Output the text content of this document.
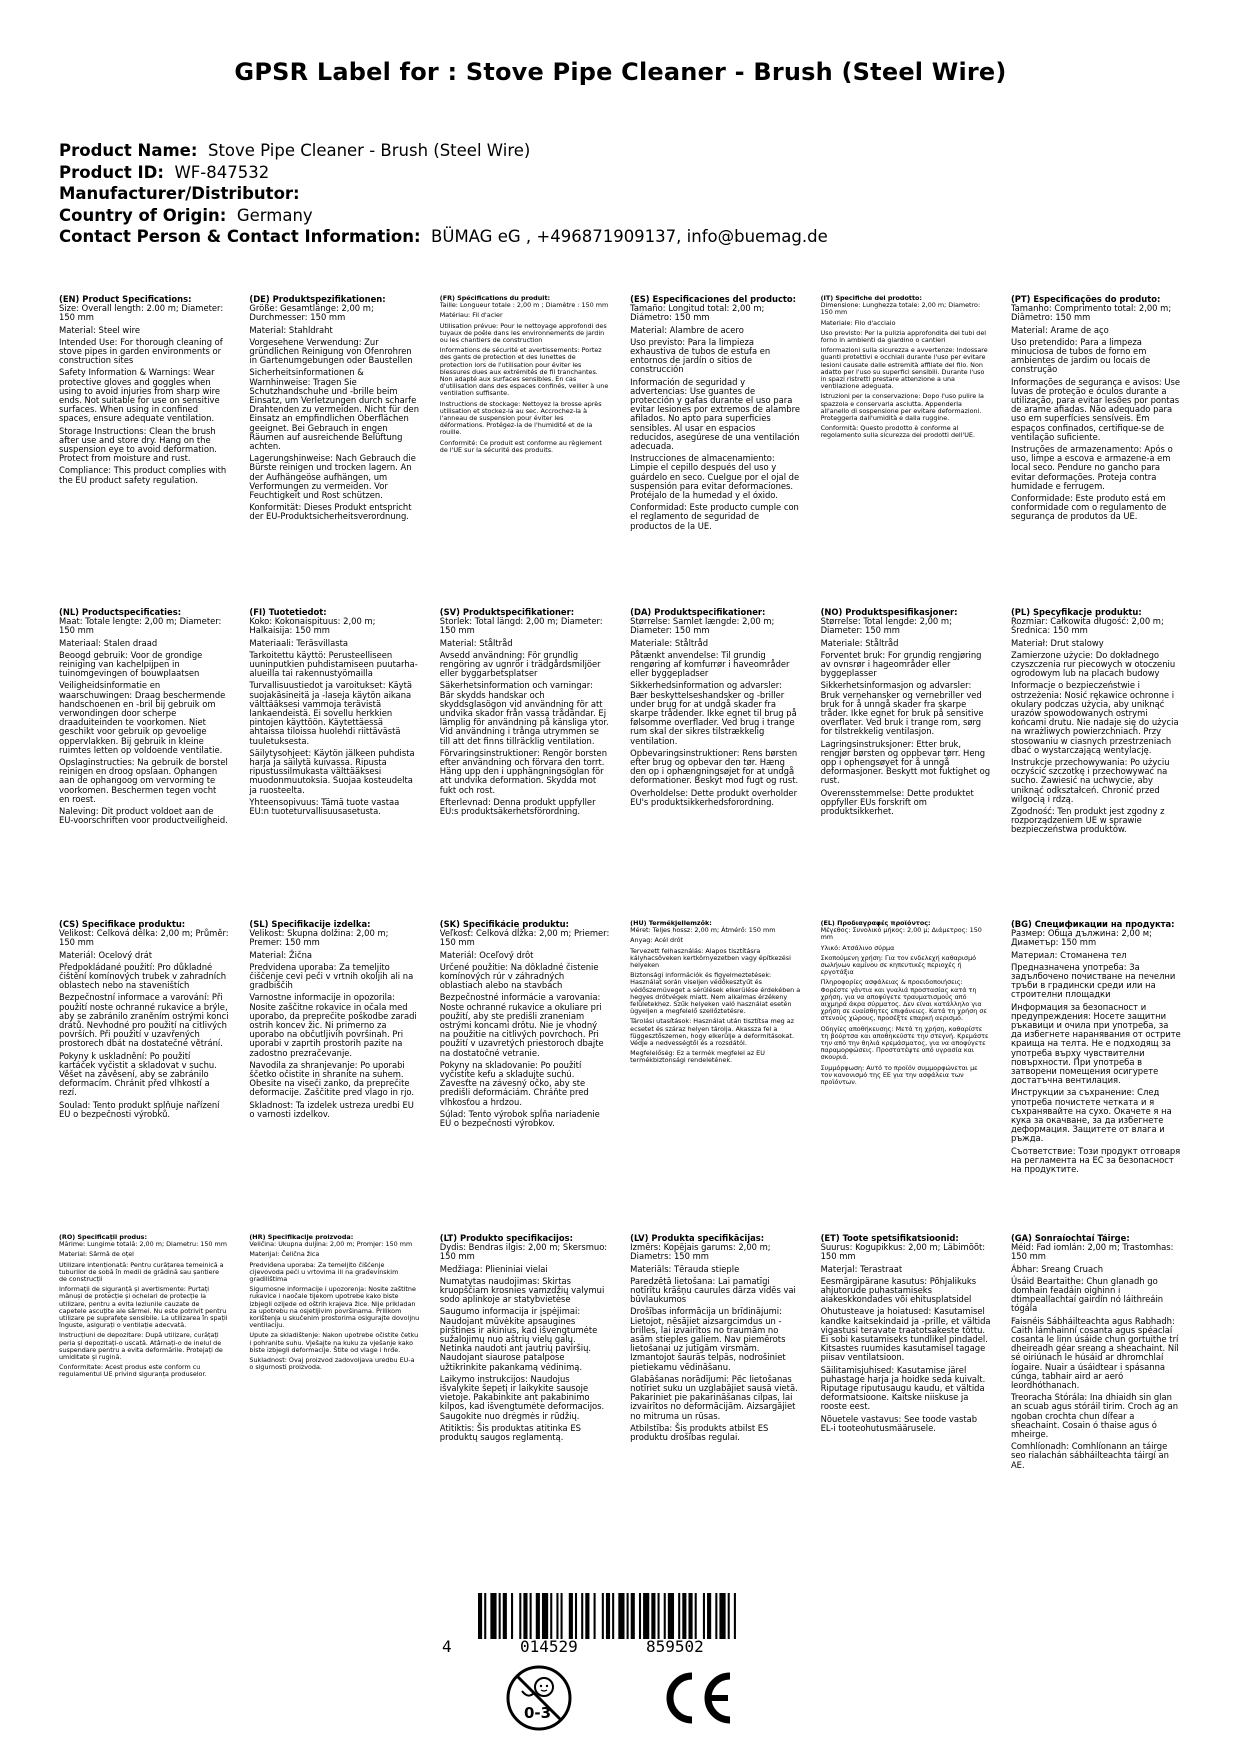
GPSR Label for : Stove Pipe Cleaner - Brush (Steel Wire)
Product Name: Stove Pipe Cleaner - Brush (Steel Wire)
Product ID: WF-847532
Manufacturer/Distributor:
Country of Origin: Germany
Contact Person & Contact Information: BÜMAG eG , +496871909137, info@buemag.de
(EN) Product Specifications:

Size: Overall length: 2.00 m; Diameter: 150 mm

Material: Steel wire

Intended Use: For thorough cleaning of stove pipes in garden environments or construction sites

Safety Information & Warnings: Wear protective gloves and goggles when using to avoid injuries from sharp wire ends. Not suitable for use on sensitive surfaces. When using in confined spaces, ensure adequate ventilation.

Storage Instructions: Clean the brush after use and store dry. Hang on the suspension eye to avoid deformation. Protect from moisture and rust.

Compliance: This product complies with the EU product safety regulation.

(DE) Produktspezifikationen:

Größe: Gesamtlänge: 2,00 m; Durchmesser: 150 mm

Material: Stahldraht

Vorgesehene Verwendung: Zur gründlichen Reinigung von Ofenrohren in Gartenumgebungen oder Baustellen

Sicherheitsinformationen & Warnhinweise: Tragen Sie Schutzhandschuhe und -brille beim Einsatz, um Verletzungen durch scharfe Drahtenden zu vermeiden. Nicht für den Einsatz an empfindlichen Oberflächen geeignet. Bei Gebrauch in engen Räumen auf ausreichende Belüftung achten.

Lagerungshinweise: Nach Gebrauch die Bürste reinigen und trocken lagern. An der Aufhängeöse aufhängen, um Verformungen zu vermeiden. Vor Feuchtigkeit und Rost schützen.

Konformität: Dieses Produkt entspricht der EU-Produktsicherheitsverordnung.

(FR) Spécifications du produit:

Taille: Longueur totale : 2,00 m ; Diamètre : 150 mm

Matériau: Fil d'acier

Utilisation prévue: Pour le nettoyage approfondi des tuyaux de poêle dans les environnements de jardin ou les chantiers de construction

Informations de sécurité et avertissements: Portez des gants de protection et des lunettes de protection lors de l'utilisation pour éviter les blessures dues aux extrémités de fil tranchantes. Non adapté aux surfaces sensibles. En cas d'utilisation dans des espaces confinés, veiller à une ventilation suffisante.

Instructions de stockage: Nettoyez la brosse après utilisation et stockez-la au sec. Accrochez-la à l'anneau de suspension pour éviter les déformations. Protégez-la de l'humidité et de la rouille.

Conformité: Ce produit est conforme au règlement de l'UE sur la sécurité des produits.

(ES) Especificaciones del producto:

Tamaño: Longitud total: 2,00 m; Diámetro: 150 mm

Material: Alambre de acero

Uso previsto: Para la limpieza exhaustiva de tubos de estufa en entornos de jardín o sitios de construcción

Información de seguridad y advertencias: Use guantes de protección y gafas durante el uso para evitar lesiones por extremos de alambre afilados. No apto para superficies sensibles. Al usar en espacios reducidos, asegúrese de una ventilación adecuada.

Instrucciones de almacenamiento: Limpie el cepillo después del uso y guárdelo en seco. Cuelgue por el ojal de suspensión para evitar deformaciones. Protéjalo de la humedad y el óxido.

Conformidad: Este producto cumple con el reglamento de seguridad de productos de la UE.

(IT) Specifiche del prodotto:

Dimensione: Lunghezza totale: 2,00 m; Diametro: 150 mm

Materiale: Filo d'acciaio

Uso previsto: Per la pulizia approfondita dei tubi del forno in ambienti da giardino o cantieri

Informazioni sulla sicurezza e avvertenze: Indossare guanti protettivi e occhiali durante l'uso per evitare lesioni causate dalle estremità affilate del filo. Non adatto per l'uso su superfici sensibili. Durante l'uso in spazi ristretti prestare attenzione a una ventilazione adeguata.

Istruzioni per la conservazione: Dopo l'uso pulire la spazzola e conservarla asciutta. Appenderla all'anello di sospensione per evitare deformazioni. Proteggerla dall'umidità e dalla ruggine.

Conformità: Questo prodotto è conforme al regolamento sulla sicurezza dei prodotti dell'UE.

(PT) Especificações do produto:

Tamanho: Comprimento total: 2,00 m; Diâmetro: 150 mm

Material: Arame de aço

Uso pretendido: Para a limpeza minuciosa de tubos de forno em ambientes de jardim ou locais de construção

Informações de segurança e avisos: Use luvas de proteção e óculos durante a utilização, para evitar lesões por pontas de arame afiadas. Não adequado para uso em superfícies sensíveis. Em espaços confinados, certifique-se de ventilação suficiente.

Instruções de armazenamento: Após o uso, limpe a escova e armazene-a em local seco. Pendure no gancho para evitar deformações. Proteja contra humidade e ferrugem.

Conformidade: Este produto está em conformidade com o regulamento de segurança de produtos da UE.

(NL) Productspecificaties:

Maat: Totale lengte: 2,00 m; Diameter: 150 mm

Materiaal: Stalen draad

Beoogd gebruik: Voor de grondige reiniging van kachelpijpen in tuinomgevingen of bouwplaatsen

Veiligheidsinformatie en waarschuwingen: Draag beschermende handschoenen en -bril bij gebruik om verwondingen door scherpe draaduiteinden te voorkomen. Niet geschikt voor gebruik op gevoelige oppervlakken. Bij gebruik in kleine ruimtes letten op voldoende ventilatie.

Opslaginstructies: Na gebruik de borstel reinigen en droog opslaan. Ophangen aan de ophangoog om vervorming te voorkomen. Beschermen tegen vocht en roest.

Naleving: Dit product voldoet aan de EU-voorschriften voor productveiligheid.

(FI) Tuotetiedot:

Koko: Kokonaispituus: 2,00 m; Halkaisija: 150 mm

Materiaali: Teräsvillasta

Tarkoitettu käyttö: Perusteelliseen uuninputkien puhdistamiseen puutarha-alueilla tai rakennustyömailla

Turvallisuustiedot ja varoitukset: Käytä suojakäsineitä ja -laseja käytön aikana välttääksesi vammoja terävistä lankaendeistä. Ei sovellu herkkien pintojen käyttöön. Käytettäessä ahtaissa tiloissa huolehdi riittävästä tuuletuksesta.

Säilytysohjeet: Käytön jälkeen puhdista harja ja säilytä kuivassa. Ripusta ripustussilmukasta välttääksesi muodonmuutoksia. Suojaa kosteudelta ja ruosteelta.

Yhteensopivuus: Tämä tuote vastaa EU:n tuoteturvallisuusasetusta.

(SV) Produktspecifikationer:

Storlek: Total längd: 2,00 m; Diameter: 150 mm

Material: Ståltråd

Avsedd användning: För grundlig rengöring av ugnrör i trädgårdsmiljöer eller byggarbetsplatser

Säkerhetsinformation och varningar: Bär skydds handskar och skyddsglasögon vid användning för att undvika skador från vassa trådändar. Ej lämplig för användning på känsliga ytor. Vid användning i trånga utrymmen se till att det finns tillräcklig ventilation.

Förvaringsinstruktioner: Rengör borsten efter användning och förvara den torrt. Häng upp den i upphängningsöglan för att undvika deformation. Skydda mot fukt och rost.

Efterlevnad: Denna produkt uppfyller EU:s produktsäkerhetsförordning.

(DA) Produktspecifikationer:

Størrelse: Samlet længde: 2,00 m; Diameter: 150 mm

Materiale: Ståltråd

Påtænkt anvendelse: Til grundig rengøring af komfurrør i haveområder eller byggepladser

Sikkerhedsinformation og advarsler: Bær beskyttelseshandsker og -briller under brug for at undgå skader fra skarpe trådender. Ikke egnet til brug på følsomme overflader. Ved brug i trange rum skal der sikres tilstrækkelig ventilation.

Opbevaringsinstruktioner: Rens børsten efter brug og opbevar den tør. Hæng den op i ophængningsøjet for at undgå deformationer. Beskyt mod fugt og rust.

Overholdelse: Dette produkt overholder EU's produktsikkerhedsforordning.

(NO) Produktspesifikasjoner:

Størrelse: Total lengde: 2,00 m; Diameter: 150 mm

Materiale: Ståltråd

Forventet bruk: For grundig rengjøring av ovnsrør i hageområder eller byggeplasser

Sikkerhetsinformasjon og advarsler: Bruk vernehansker og vernebriller ved bruk for å unngå skader fra skarpe tråder. Ikke egnet for bruk på sensitive overflater. Ved bruk i trange rom, sørg for tilstrekkelig ventilasjon.

Lagringsinstruksjoner: Etter bruk, rengjør børsten og oppbevar tørr. Heng opp i ophengsøyet for å unngå deformasjoner. Beskytt mot fuktighet og rust.

Overensstemmelse: Dette produktet oppfyller EUs forskrift om produktsikkerhet.

(PL) Specyfikacje produktu:

Rozmiar: Całkowita długość: 2,00 m; Średnica: 150 mm

Materiał: Drut stalowy

Zamierzone użycie: Do dokładnego czyszczenia rur piecowych w otoczeniu ogrodowym lub na placach budowy

Informacje o bezpieczeństwie i ostrzeżenia: Nosić rękawice ochronne i okulary podczas użycia, aby uniknąć urazów spowodowanych ostrymi końcami drutu. Nie nadaje się do użycia na wrażliwych powierzchniach. Przy stosowaniu w ciasnych przestrzeniach dbać o wystarczającą wentylację.

Instrukcje przechowywania: Po użyciu oczyścić szczotkę i przechowywać na sucho. Zawiesić na uchwycie, aby uniknąć odkształceń. Chronić przed wilgocią i rdzą.

Zgodność: Ten produkt jest zgodny z rozporządzeniem UE w sprawie bezpieczeństwa produktów.

(CS) Specifikace produktu:

Velikost: Celková délka: 2,00 m; Průměr: 150 mm

Materiál: Ocelový drát

Předpokládané použití: Pro důkladné čištění komínových trubek v zahradních oblastech nebo na staveništích

Bezpečnostní informace a varování: Při použití noste ochranné rukavice a brýle, aby se zabránilo zraněním ostrými konci drátů. Nevhodné pro použití na citlivých površích. Při použití v uzavřených prostorech dbát na dostatečné větrání.

Pokyny k uskladnění: Po použití kartáček vyčistit a skladovat v suchu. Věšet na závěsení, aby se zabránilo deformacím. Chránit před vlhkostí a rezí.

Soulad: Tento produkt splňuje nařízení EU o bezpečnosti výrobků.

(SL) Specifikacije izdelka:

Velikost: Skupna dolžina: 2,00 m; Premer: 150 mm

Material: Žična

Predvidena uporaba: Za temeljito čiščenje cevi peči v vrtnih okoljih ali na gradbiščih

Varnostne informacije in opozorila: Nosite zaščitne rokavice in očala med uporabo, da preprečite poškodbe zaradi ostrih koncev žic. Ni primerno za uporabo na občutljivih površinah. Pri uporabi v zaprtih prostorih pazite na zadostno prezračevanje.

Navodila za shranjevanje: Po uporabi ščetko očistite in shranite na suhem. Obesite na viseči zanko, da preprečite deformacije. Zaščitite pred vlago in rjo.

Skladnost: Ta izdelek ustreza uredbi EU o varnosti izdelkov.

(SK) Špecifikácie produktu:

Veľkosť: Celková dĺžka: 2,00 m; Priemer: 150 mm

Materiál: Oceľový drôt

Určené použitie: Na dôkladné čistenie komínových rúr v záhradných oblastiach alebo na stavbách

Bezpečnostné informácie a varovania: Noste ochranné rukavice a okuliare pri použití, aby ste predišli zraneniam ostrými koncami drôtu. Nie je vhodný na použitie na citlivých povrchoch. Pri použití v uzavretých priestoroch dbajte na dostatočné vetranie.

Pokyny na skladovanie: Po použití vyčistite kefu a skladujte suchú. Zavesťte na závesný očko, aby ste predišli deformáciám. Chráňte pred vlhkosťou a hrdzou.

Súlad: Tento výrobok spĺňa nariadenie EÚ o bezpečnosti výrobkov.

(HU) Termékjellemzők:

Méret: Teljes hossz: 2,00 m; Átmérő: 150 mm

Anyag: Acél drót

Tervezett felhasználás: Alapos tisztításra kályhacsöveken kertkörnyezetben vagy építkezési helyeken

Biztonsági információk és figyelmeztetések: Használat során viseljen védőkesztyűt és védőszemüveget a sérülések elkerülése érdekében a hegyes drótvégek miatt. Nem alkalmas érzékeny felületekhez. Szűk helyeken való használat esetén ügyeljen a megfelelő szellőztetésre.

Tárolási utasítások: Használat után tisztítsa meg az ecsetet és száraz helyen tárolja. Akassza fel a függesztőszemen, hogy elkerülje a deformitásokat. Védje a nedvességtől és a rozsdától.

Megfelelőség: Ez a termék megfelel az EU termékbiztonsági rendeletének.

(EL) Προδιαγραφές προϊόντος:

Μέγεθος: Συνολικό μήκος: 2,00 μ; Διάμετρος: 150 mm

Υλικό: Ατσάλινο σύρμα

Σκοπούμενη χρήση: Για τον ενδελεχή καθαρισμό σωλήνων καμίνου σε κηπευτικές περιοχές ή εργοτάξια

Πληροφορίες ασφάλειας & προειδοποιήσεις: Φορέστε γάντια και γυαλιά προστασίας κατά τη χρήση, για να αποφύγετε τραυματισμούς από αιχμηρά άκρα σύρματος. Δεν είναι κατάλληλο για χρήση σε ευαίσθητες επιφάνειες. Κατά τη χρήση σε στενούς χώρους, προσέξτε επαρκή αερισμό.

Οδηγίες αποθήκευσης: Μετά τη χρήση, καθαρίστε τη βούρτσα και αποθηκεύστε την στεγνή. Κρεμάστε την από την θηλιά κρεμάσματος, για να αποφύγετε παραμορφώσεις. Προστατέψτε από υγρασία και σκουριά.

Συμμόρφωση: Αυτό το προϊόν συμμορφώνεται με τον κανονισμό της ΕΕ για την ασφάλεια των προϊόντων.

(BG) Спецификации на продукта:

Размер: Обща дължина: 2,00 м; Диаметър: 150 mm

Материал: Стоманена тел

Предназначена употреба: За задълбочено почистване на печелни тръби в градински среди или на строителни площадки

Информация за безопасност и предупреждения: Носете защитни ръкавици и очила при употреба, за да избегнете наранявания от острите краища на телта. Не е подходящ за употреба върху чувствителни повърхности. При употреба в затворени помещения осигурете достатъчна вентилация.

Инструкции за съхранение: След употреба почистете четката и я съхранявайте на сухо. Окачете я на кука за окачване, за да избегнете деформация. Защитете от влага и ръжда.

Съответствие: Този продукт отговаря на регламента на ЕС за безопасност на продуктите.

(RO) Specificații produs:

Mărime: Lungime totală: 2,00 m; Diametru: 150 mm

Material: Sârmă de oțel

Utilizare intenționată: Pentru curățarea temeinică a tuburilor de sobă în medii de grădină sau șantiere de construcții

Informații de siguranță și avertismente: Purtați mănuși de protecție și ochelari de protecție la utilizare, pentru a evita leziunile cauzate de capetele ascuțite ale sârmei. Nu este potrivit pentru utilizare pe suprafețe sensibile. La utilizarea în spații înguste, asigurați o ventilație adecvată.

Instrucțiuni de depozitare: După utilizare, curățați peria și depozitați-o uscată. Atârnați-o de inelul de suspendare pentru a evita deformările. Protejați de umiditate și rugină.

Conformitate: Acest produs este conform cu regulamentul UE privind siguranța produselor.

(HR) Specifikacije proizvoda:

Veličina: Ukupna duljina: 2,00 m; Promjer: 150 mm

Materijal: Čelična žica

Predviđena uporaba: Za temeljito čišćenje cijevovoda peći u vrtovima ili na građevinskim gradilištima

Sigurnosne informacije i upozorenja: Nosite zaštitne rukavice i naočale tijekom upotrebe kako biste izbjegli ozljede od oštrih krajeva žice. Nije prikladan za upotrebu na osjetljivim površinama. Prilikom korištenja u skučenim prostorima osigurajte dovoljnu ventilaciju.

Upute za skladištenje: Nakon upotrebe očistite četku i pohranite suhu. Vješajte na kuku za vješanje kako biste izbjegli deformacije. Štite od vlage i hrđe.

Sukladnost: Ovaj proizvod zadovoljava uredbu EU-a o sigurnosti proizvoda.

(LT) Produkto specifikacijos:

Dydis: Bendras ilgis: 2,00 m; Skersmuo: 150 mm

Medžiaga: Plieniniai vielai

Numatytas naudojimas: Skirtas kruopščiam krosnies vamzdžių valymui sodo aplinkoje ar statybvietėse

Saugumo informacija ir įspėjimai: Naudojant mūvėkite apsaugines pirštines ir akinius, kad išvengtumėte sužalojimų nuo aštrių vielų galų. Netinka naudoti ant jautrių paviršių. Naudojant siaurose patalpose užtikrinkite pakankamą vėdinimą.

Laikymo instrukcijos: Naudojus išvalykite šepetį ir laikykite sausoje vietoje. Pakabinkite ant pakabinimo kilpos, kad išvengtumėte deformacijos. Saugokite nuo drėgmės ir rūdžių.

Atitiktis: Šis produktas atitinka ES produktų saugos reglamentą.

(LV) Produkta specifikācijas:

Izmērs: Kopējais garums: 2,00 m; Diametrs: 150 mm

Materiāls: Tērauda stieple

Paredzētā lietošana: Lai pamatīgi notīrītu krāšņu caurules dārza vidēs vai būvlaukumos

Drošības informācija un brīdinājumi: Lietojot, nēsājiet aizsargcimdus un -brilles, lai izvairītos no traumām no asām stieples galiem. Nav piemērots lietošanai uz jutīgām virsmām. Izmantojot šaurās telpās, nodrošiniet pietiekamu vēdināšanu.

Glabāšanas norādījumi: Pēc lietošanas notīriet suku un uzglabājiet sausā vietā. Pakariniet pie pakarināšanas cilpas, lai izvairītos no deformācijām. Aizsargājiet no mitruma un rūsas.

Atbilstība: Šis produkts atbilst ES produktu drošības regulai.

(ET) Toote spetsifikatsioonid:

Suurus: Kogupikkus: 2,00 m; Läbimõõt: 150 mm

Materjal: Terastraat

Eesmärgipärane kasutus: Põhjalikuks ahjutorude puhastamiseks aiakeskkondades või ehitusplatsidel

Ohutusteave ja hoiatused: Kasutamisel kandke kaitsekindaid ja -prille, et vältida vigastusi teravate traatotsakeste tõttu. Ei sobi kasutamiseks tundlikel pindadel. Kitsastes ruumides kasutamisel tagage piisav ventilatsioon.

Säilitamisjuhised: Kasutamise järel puhastage harja ja hoidke seda kuivalt. Riputage riputusaugu kaudu, et vältida deformatsioone. Kaitske niiskuse ja rooste eest.

Nõuetele vastavus: See toode vastab EL-i tooteohutusmäärusele.

(GA) Sonraíochtaí Táirge:

Méid: Fad iomlán: 2,00 m; Trastomhas: 150 mm

Ábhar: Sreang Cruach

Úsáid Beartaithe: Chun glanadh go domhain feadáin oighinn i dtimpeallachtaí gairdín nó láithreáin tógála

Faisnéis Sábháilteachta agus Rabhadh: Caith lámhainní cosanta agus spéaclaí cosanta le linn úsáide chun gortuithe trí dheireadh géar sreang a sheachaint. Níl sé oiriúnach le húsáid ar dhromchlaí íogaire. Nuair a úsáidtear i spásanna cúnga, tabhair aird ar aeró leordhóthanach.

Treoracha Stórála: Ina dhiaidh sin glan an scuab agus stóráil tirim. Croch ag an ngoban crochta chun dífear a sheachaint. Cosain ó thaise agus ó mheirge.

Comhlíonadh: Comhlíonann an táirge seo rialachán sábháilteachta táirgí an AE.

4	014529	859502
0-3
